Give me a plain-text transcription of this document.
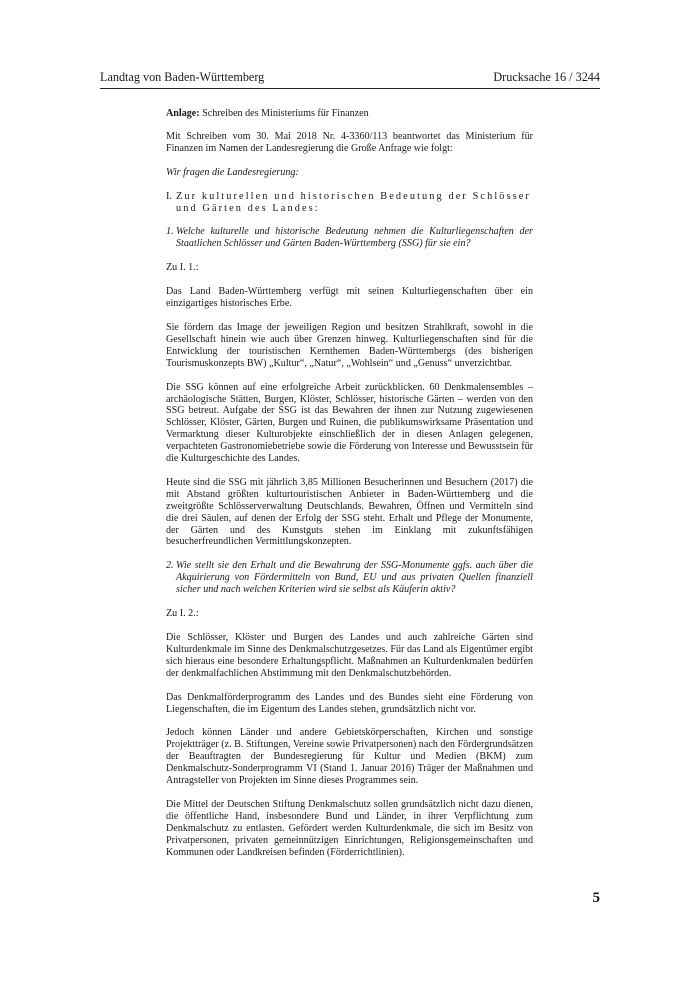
Landtag von Baden-Württemberg	Drucksache 16 / 3244

Anlage: Schreiben des Ministeriums für Finanzen

Mit Schreiben vom 30. Mai 2018 Nr. 4-3360/113 beantwortet das Ministerium für Finanzen im Namen der Landesregierung die Große Anfrage wie folgt:

Wir fragen die Landesregierung:

I. Zur kulturellen und historischen Bedeutung der Schlösser und Gärten des Landes:
1. Welche kulturelle und historische Bedeutung nehmen die Kulturliegenschaften der Staatlichen Schlösser und Gärten Baden-Württemberg (SSG) für sie ein?

Zu I. 1.:

Das Land Baden-Württemberg verfügt mit seinen Kulturliegenschaften über ein einzigartiges historisches Erbe.

Sie fördern das Image der jeweiligen Region und besitzen Strahlkraft, sowohl in die Gesellschaft hinein wie auch über Grenzen hinweg. Kulturliegenschaften sind für die Entwicklung der touristischen Kernthemen Baden-Württembergs (des bisherigen Tourismuskonzepts BW) „Kultur“, „Natur“, „Wohlsein“ und „Genuss“ unverzichtbar.

Die SSG können auf eine erfolgreiche Arbeit zurückblicken. 60 Denkmalensembles – archäologische Stätten, Burgen, Klöster, Schlösser, historische Gärten – werden von den SSG betreut. Aufgabe der SSG ist das Bewahren der ihnen zur Nutzung zugewiesenen Schlösser, Klöster, Gärten, Burgen und Ruinen, die publikumswirksame Präsentation und Vermarktung dieser Kulturobjekte einschließlich der in diesen Anlagen gelegenen, verpachteten Gastronomiebetriebe sowie die Förderung von Interesse und Bewusstsein für die Kulturgeschichte des Landes.

Heute sind die SSG mit jährlich 3,85 Millionen Besucherinnen und Besuchern (2017) die mit Abstand größten kulturtouristischen Anbieter in Baden-Württemberg und die zweitgrößte Schlösserverwaltung Deutschlands. Bewahren, Öffnen und Vermitteln sind die drei Säulen, auf denen der Erfolg der SSG steht. Erhalt und Pflege der Monumente, der Gärten und des Kunstguts stehen im Einklang mit zukunftsfähigen besucherfreundlichen Vermittlungskonzepten.

2. Wie stellt sie den Erhalt und die Bewahrung der SSG-Monumente ggfs. auch über die Akquirierung von Fördermitteln von Bund, EU und aus privaten Quellen finanziell sicher und nach welchen Kriterien wird sie selbst als Käuferin aktiv?

Zu I. 2.:

Die Schlösser, Klöster und Burgen des Landes und auch zahlreiche Gärten sind Kulturdenkmale im Sinne des Denkmalschutzgesetzes. Für das Land als Eigentümer ergibt sich hieraus eine besondere Erhaltungspflicht. Maßnahmen an Kulturdenkmalen bedürfen der denkmalfachlichen Abstimmung mit den Denkmalschutzbehörden.

Das Denkmalförderprogramm des Landes und des Bundes sieht eine Förderung von Liegenschaften, die im Eigentum des Landes stehen, grundsätzlich nicht vor.

Jedoch können Länder und andere Gebietskörperschaften, Kirchen und sonstige Projektträger (z. B. Stiftungen, Vereine sowie Privatpersonen) nach den Fördergrundsätzen der Beauftragten der Bundesregierung für Kultur und Medien (BKM) zum Denkmalschutz-Sonderprogramm VI (Stand 1. Januar 2016) Träger der Maßnahmen und Antragsteller von Projekten im Sinne dieses Programmes sein.

Die Mittel der Deutschen Stiftung Denkmalschutz sollen grundsätzlich nicht dazu dienen, die öffentliche Hand, insbesondere Bund und Länder, in ihrer Verpflichtung zum Denkmalschutz zu entlasten. Gefördert werden Kulturdenkmale, die sich im Besitz von Privatpersonen, privaten gemeinnützigen Einrichtungen, Religionsgemeinschaften und Kommunen oder Landkreisen befinden (Förderrichtlinien).

5
